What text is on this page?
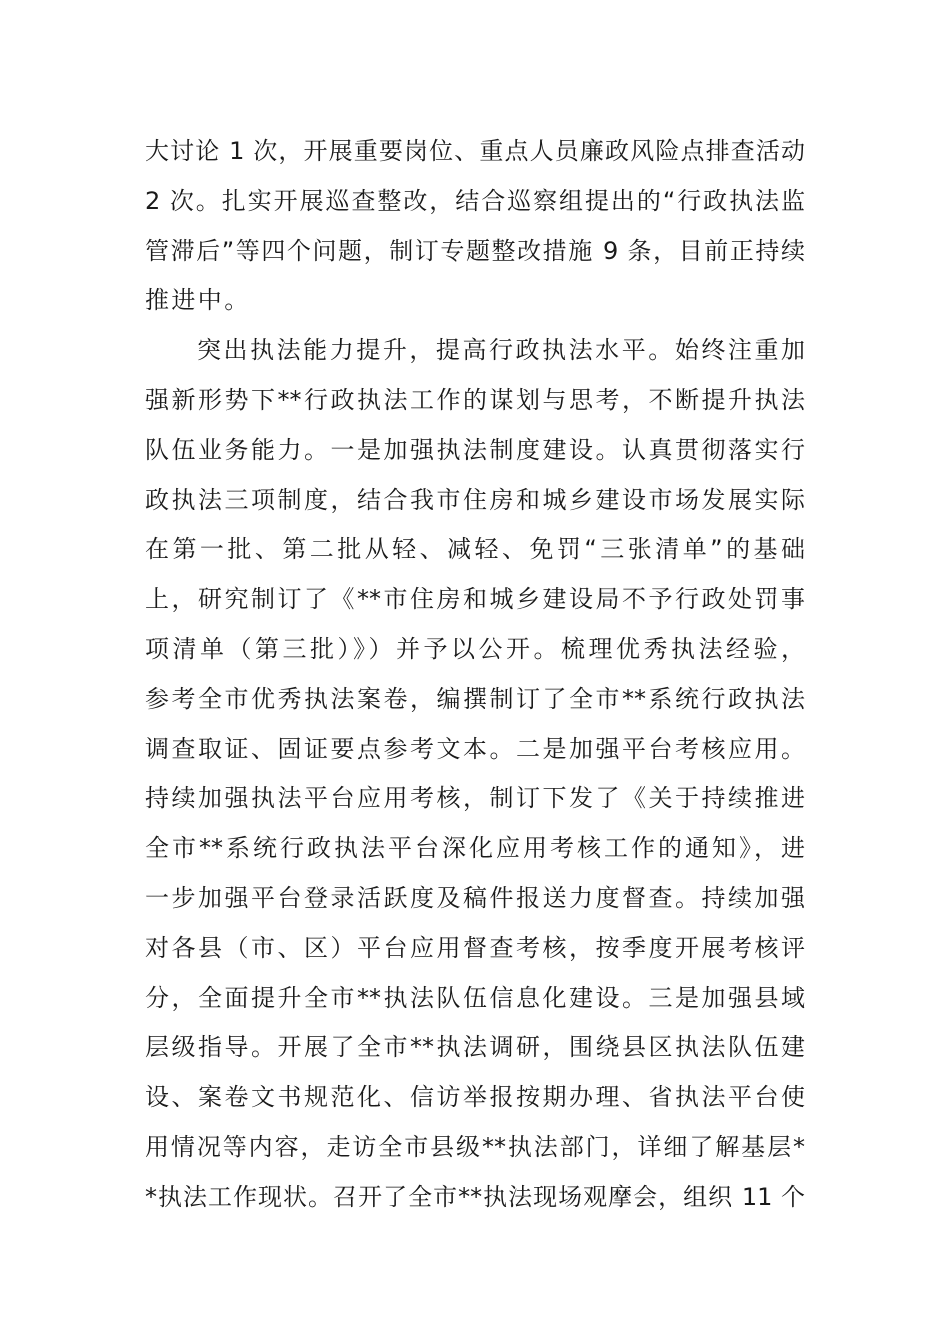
大讨论 1 次，开展重要岗位、重点人员廉政风险点排查活动
2 次。扎实开展巡查整改，结合巡察组提出的“行政执法监
管滞后”等四个问题，制订专题整改措施 9 条，目前正持续
推进中。
突出执法能力提升，提高行政执法水平。始终注重加
强新形势下**行政执法工作的谋划与思考，不断提升执法
队伍业务能力。一是加强执法制度建设。认真贯彻落实行
政执法三项制度，结合我市住房和城乡建设市场发展实际
在第一批、第二批从轻、减轻、免罚“三张清单”的基础
上，研究制订了《**市住房和城乡建设局不予行政处罚事
项清单（第三批）》）并予以公开。梳理优秀执法经验，
参考全市优秀执法案卷，编撰制订了全市**系统行政执法
调查取证、固证要点参考文本。二是加强平台考核应用。
持续加强执法平台应用考核，制订下发了《关于持续推进
全市**系统行政执法平台深化应用考核工作的通知》，进
一步加强平台登录活跃度及稿件报送力度督查。持续加强
对各县（市、区）平台应用督查考核，按季度开展考核评
分，全面提升全市**执法队伍信息化建设。三是加强县域
层级指导。开展了全市**执法调研，围绕县区执法队伍建
设、案卷文书规范化、信访举报按期办理、省执法平台使
用情况等内容，走访全市县级**执法部门，详细了解基层*
*执法工作现状。召开了全市**执法现场观摩会，组织 11 个
